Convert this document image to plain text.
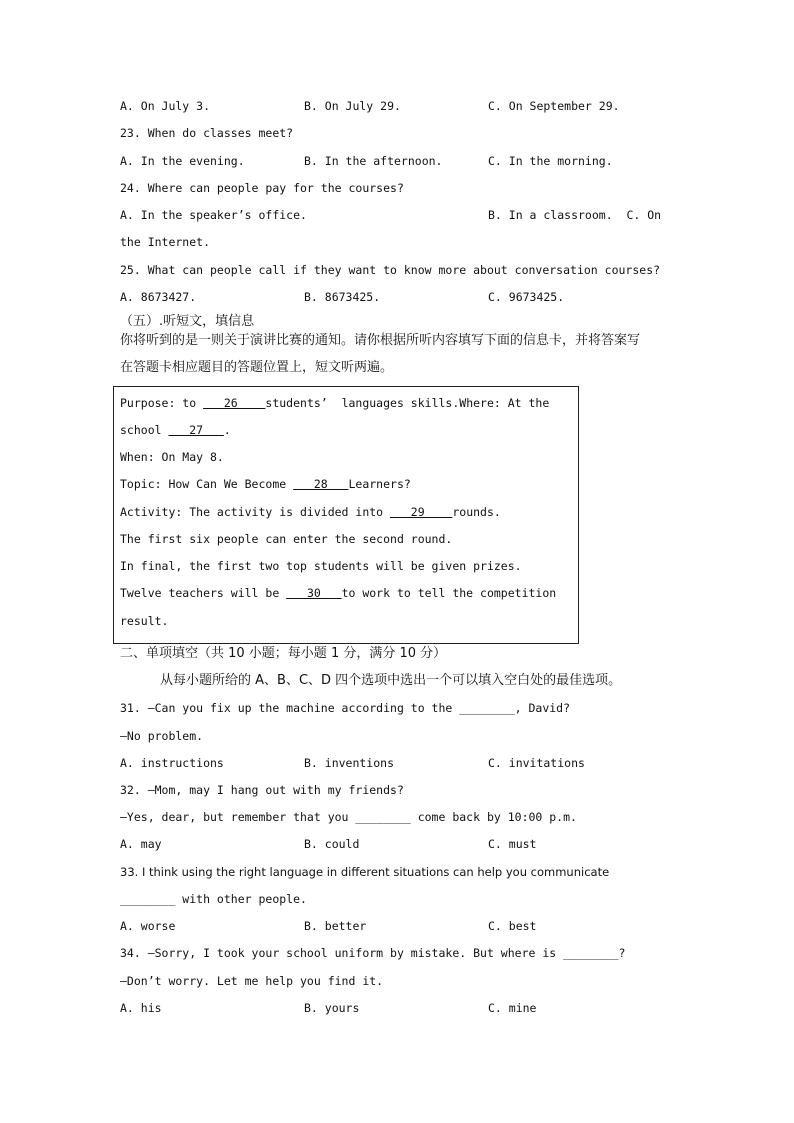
A. On July 3.	B. On July 29.	C. On September 29.
23. When do classes meet?
A. In the evening.	B. In the afternoon.	C. In the morning.
24. Where can people pay for the courses?
A. In the speaker’s office.	B. In a classroom.  C. On
the Internet.
25. What can people call if they want to know more about conversation courses?
A. 8673427.	B. 8673425.	C. 9673425.
（五）.听短文，填信息
你将听到的是一则关于演讲比赛的通知。请你根据所听内容填写下面的信息卡，并将答案写
在答题卡相应题目的答题位置上，短文听两遍。
Purpose: to    26    students’  languages skills.Where: At the
school    27   .
When: On May 8.
Topic: How Can We Become    28   Learners?
Activity: The activity is divided into    29    rounds.
The first six people can enter the second round.
In final, the first two top students will be given prizes.
Twelve teachers will be    30   to work to tell the competition
result.
二、单项填空（共 10 小题；每小题 1 分，满分 10 分）
从每小题所给的 A、B、C、D 四个选项中选出一个可以填入空白处的最佳选项。
31. —Can you fix up the machine according to the ________, David?
—No problem.
A. instructions	B. inventions	C. invitations
32. —Mom, may I hang out with my friends?
—Yes, dear, but remember that you ________ come back by 10:00 p.m.
A. may	B. could	C. must
33. I think using the right language in different situations can help you communicate
________ with other people.
A. worse	B. better	C. best
34. —Sorry, I took your school uniform by mistake. But where is ________?
—Don’t worry. Let me help you find it.
A. his	B. yours	C. mine
